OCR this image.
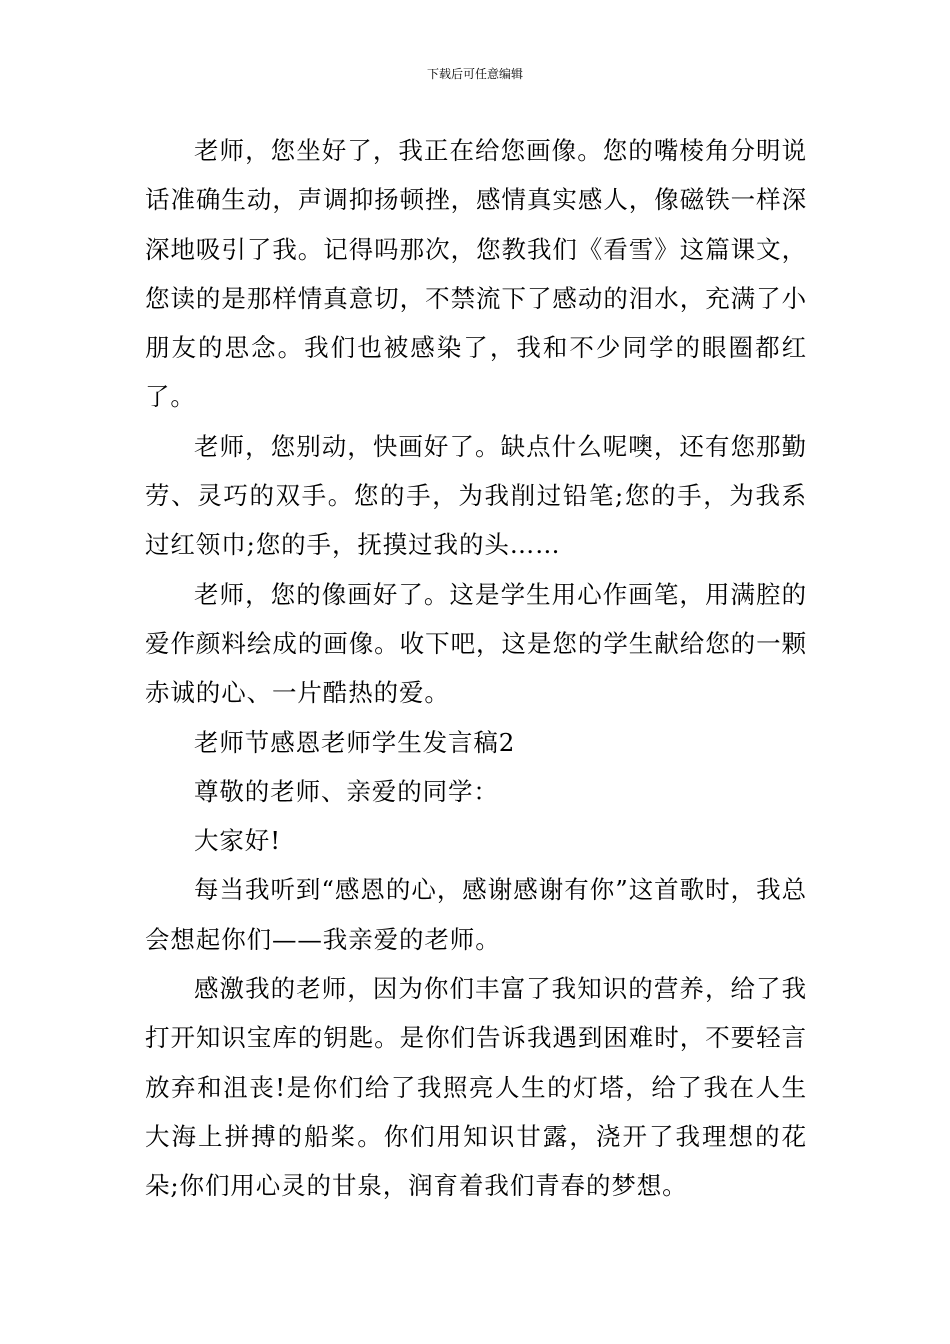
下载后可任意编辑

老师，您坐好了，我正在给您画像。您的嘴棱角分明说话准确生动，声调抑扬顿挫，感情真实感人，像磁铁一样深深地吸引了我。记得吗那次，您教我们《看雪》这篇课文，您读的是那样情真意切，不禁流下了感动的泪水，充满了小朋友的思念。我们也被感染了，我和不少同学的眼圈都红了。

老师，您别动，快画好了。缺点什么呢噢，还有您那勤劳、灵巧的双手。您的手，为我削过铅笔;您的手，为我系过红领巾;您的手，抚摸过我的头……

老师，您的像画好了。这是学生用心作画笔，用满腔的爱作颜料绘成的画像。收下吧，这是您的学生献给您的一颗赤诚的心、一片酷热的爱。

老师节感恩老师学生发言稿2

尊敬的老师、亲爱的同学：

大家好!

每当我听到“感恩的心，感谢感谢有你”这首歌时，我总会想起你们——我亲爱的老师。

感激我的老师，因为你们丰富了我知识的营养，给了我打开知识宝库的钥匙。是你们告诉我遇到困难时，不要轻言放弃和沮丧!是你们给了我照亮人生的灯塔，给了我在人生大海上拼搏的船桨。你们用知识甘露，浇开了我理想的花朵;你们用心灵的甘泉，润育着我们青春的梦想。
